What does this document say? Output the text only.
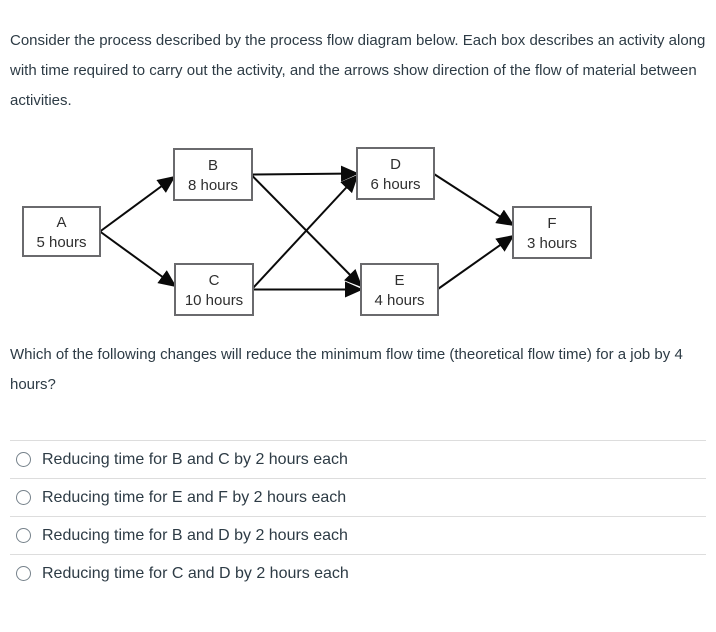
Consider the process described by the process flow diagram below. Each box describes an activity along with time required to carry out the activity, and the arrows show direction of the flow of material between activities.

A
5 hours
B
8 hours
C
10 hours
D
6 hours
E
4 hours
F
3 hours

Which of the following changes will reduce the minimum flow time (theoretical flow time) for a job by 4 hours?

Reducing time for B and C by 2 hours each
Reducing time for E and F by 2 hours each
Reducing time for B and D by 2 hours each
Reducing time for C and D by 2 hours each
